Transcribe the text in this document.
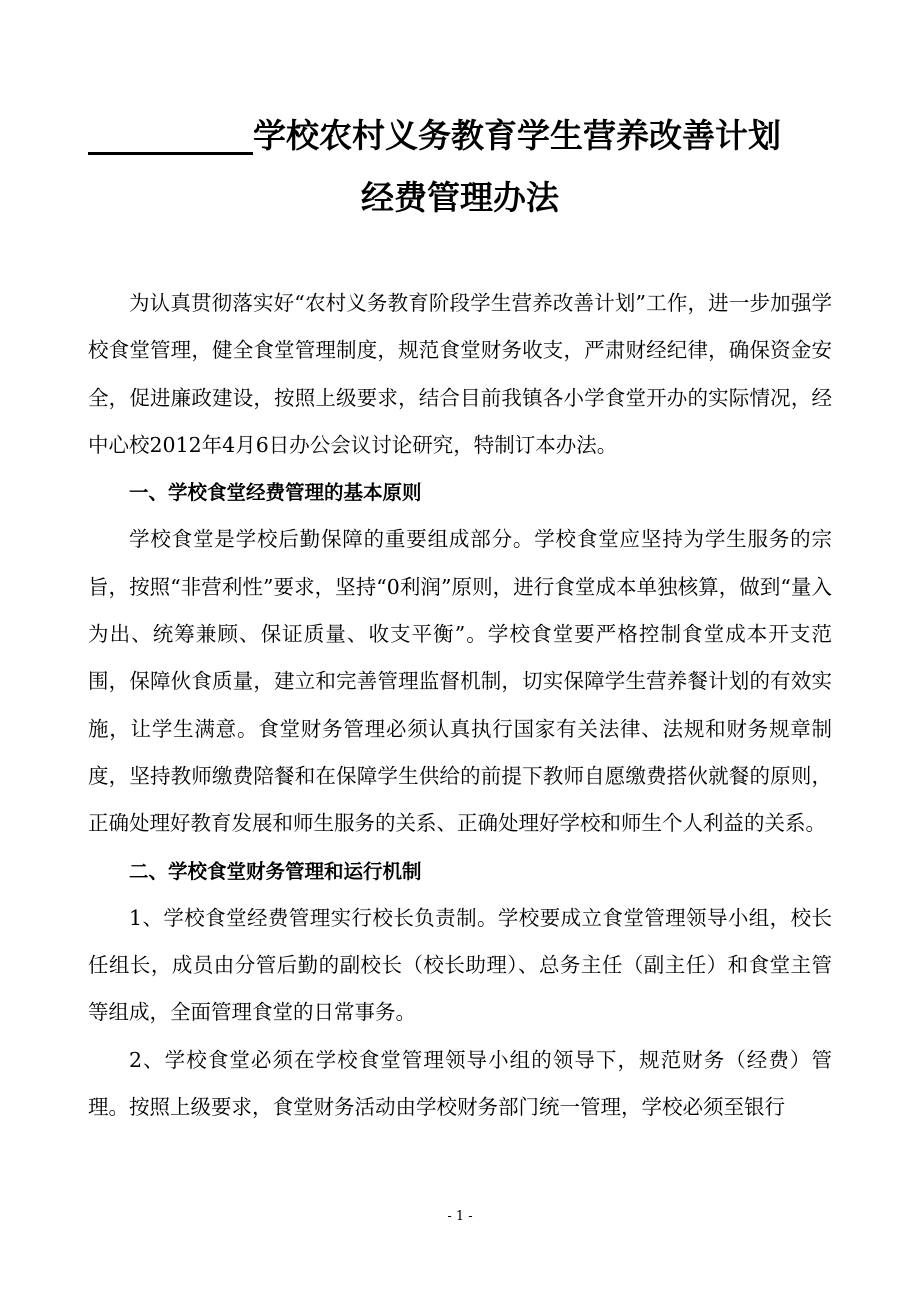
__________学校农村义务教育学生营养改善计划
经费管理办法

为认真贯彻落实好“农村义务教育阶段学生营养改善计划”工作，进一步加强学校食堂管理，健全食堂管理制度，规范食堂财务收支，严肃财经纪律，确保资金安全，促进廉政建设，按照上级要求，结合目前我镇各小学食堂开办的实际情况，经中心校2012年4月6日办公会议讨论研究，特制订本办法。

一、学校食堂经费管理的基本原则

学校食堂是学校后勤保障的重要组成部分。学校食堂应坚持为学生服务的宗旨，按照“非营利性”要求，坚持“0利润”原则，进行食堂成本单独核算，做到“量入为出、统筹兼顾、保证质量、收支平衡”。学校食堂要严格控制食堂成本开支范围，保障伙食质量，建立和完善管理监督机制，切实保障学生营养餐计划的有效实施，让学生满意。食堂财务管理必须认真执行国家有关法律、法规和财务规章制度，坚持教师缴费陪餐和在保障学生供给的前提下教师自愿缴费搭伙就餐的原则，正确处理好教育发展和师生服务的关系、正确处理好学校和师生个人利益的关系。

二、学校食堂财务管理和运行机制

1、学校食堂经费管理实行校长负责制。学校要成立食堂管理领导小组，校长任组长，成员由分管后勤的副校长（校长助理）、总务主任（副主任）和食堂主管等组成，全面管理食堂的日常事务。

2、学校食堂必须在学校食堂管理领导小组的领导下，规范财务（经费）管理。按照上级要求，食堂财务活动由学校财务部门统一管理，学校必须至银行

- 1 -
